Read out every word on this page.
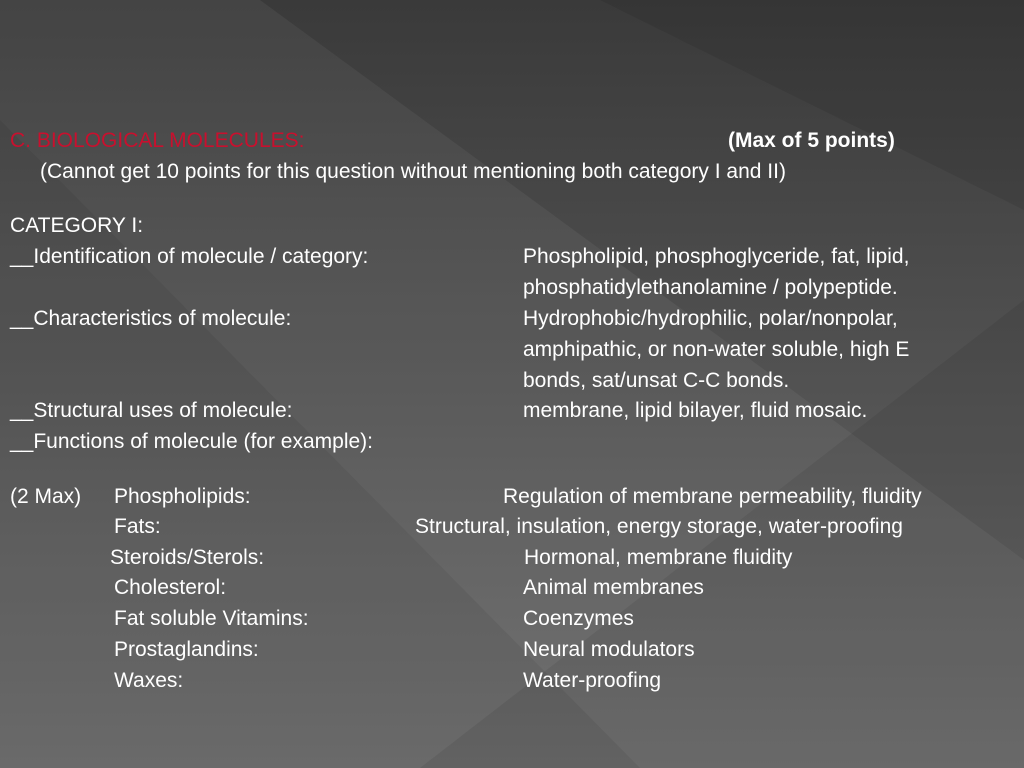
C. BIOLOGICAL MOLECULES:	(Max of 5 points)
(Cannot get 10 points for this question without mentioning both category I and II)
CATEGORY I:
__Identification of molecule / category:	Phospholipid, phosphoglyceride, fat, lipid,
phosphatidylethanolamine / polypeptide.
__Characteristics of molecule:	Hydrophobic/hydrophilic, polar/nonpolar,
amphipathic, or non-water soluble, high E
bonds, sat/unsat C-C bonds.
__Structural uses of molecule:	membrane, lipid bilayer, fluid mosaic.
__Functions of molecule (for example):
(2 Max) Phospholipids:	Regulation of membrane permeability, fluidity
Fats:	Structural, insulation, energy storage, water-proofing
Steroids/Sterols:	Hormonal, membrane fluidity
Cholesterol:	Animal membranes
Fat soluble Vitamins:	Coenzymes
Prostaglandins:	Neural modulators
Waxes:	Water-proofing
